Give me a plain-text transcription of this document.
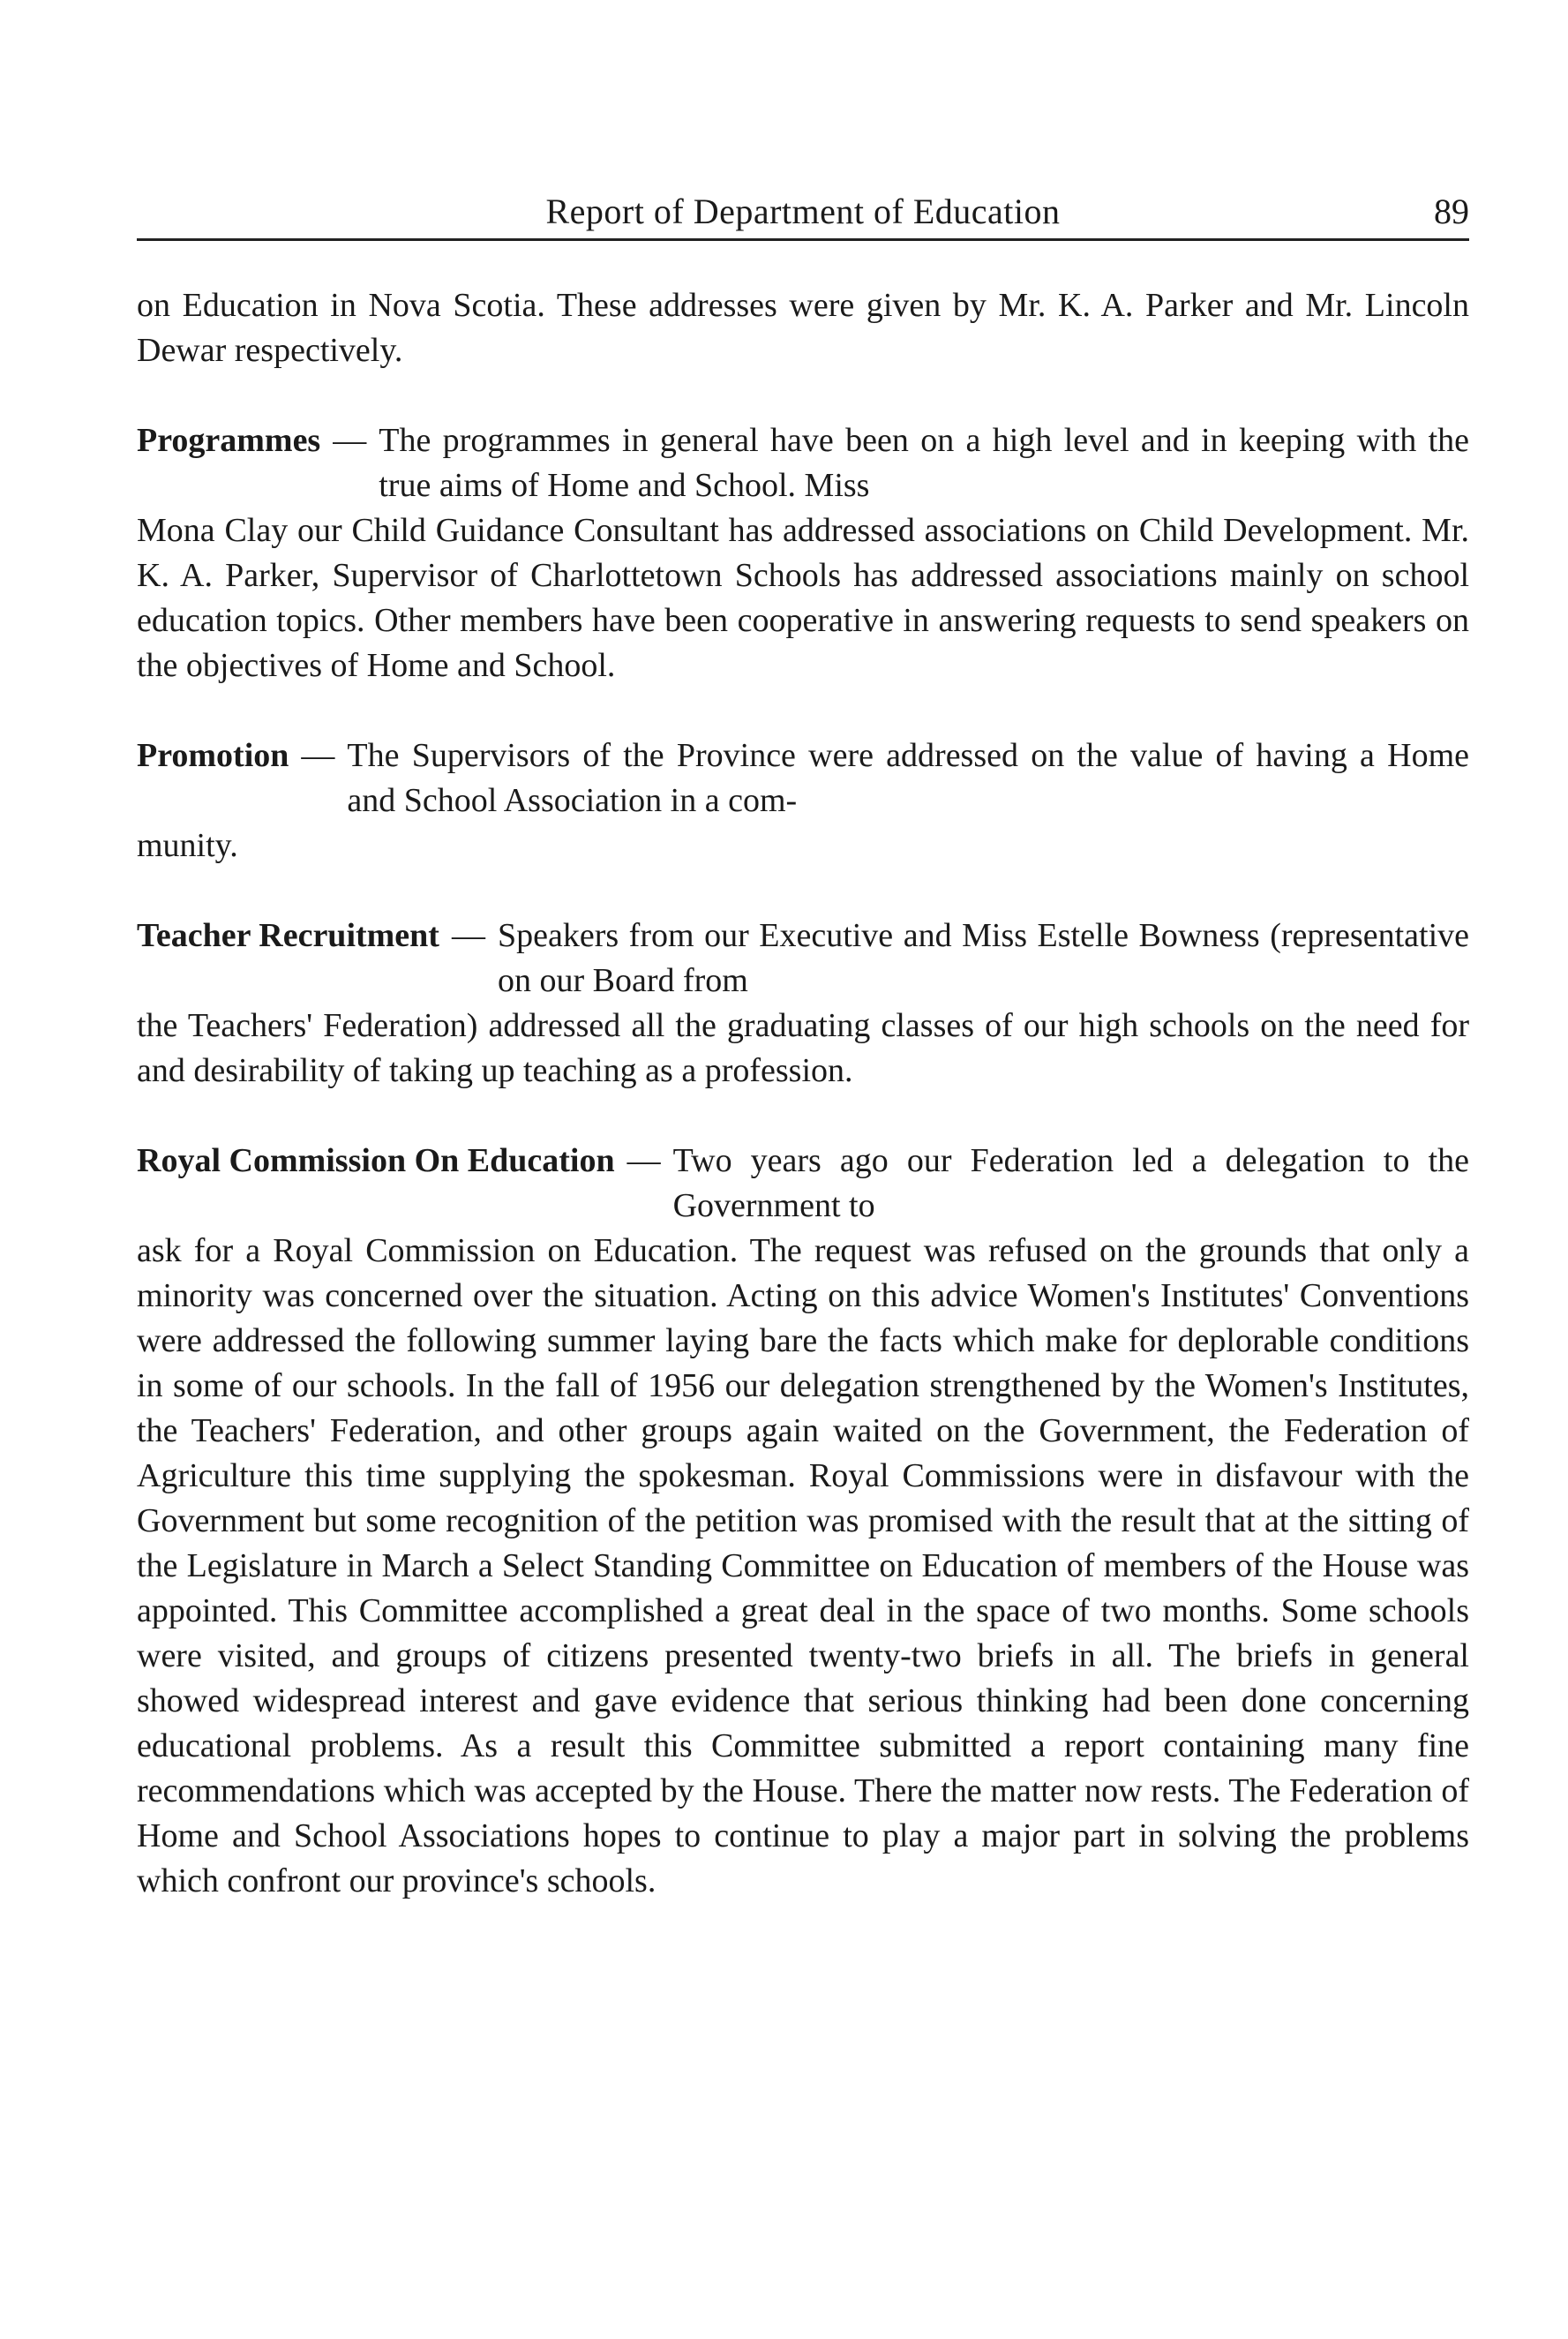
Report of Department of Education	89

on Education in Nova Scotia. These addresses were given by Mr. K. A. Parker and Mr. Lincoln Dewar respectively.

Programmes — The programmes in general have been on a high level and in keeping with the true aims of Home and School. Miss
Mona Clay our Child Guidance Consultant has addressed associations on Child Development. Mr. K. A. Parker, Supervisor of Charlottetown Schools has addressed associations mainly on school education topics. Other members have been cooperative in answering requests to send speakers on the objectives of Home and School.
Promotion — The Supervisors of the Province were addressed on the value of having a Home and School Association in a com-
munity.
Teacher Recruitment — Speakers from our Executive and Miss Estelle Bowness (representative on our Board from
the Teachers' Federation) addressed all the graduating classes of our high schools on the need for and desirability of taking up teaching as a profession.
Royal Commission On Education — Two years ago our Federation led a delegation to the Government to
ask for a Royal Commission on Education. The request was refused on the grounds that only a minority was concerned over the situation. Acting on this advice Women's Institutes' Conventions were addressed the following summer laying bare the facts which make for deplorable conditions in some of our schools. In the fall of 1956 our delegation strengthened by the Women's Institutes, the Teachers' Federation, and other groups again waited on the Government, the Federation of Agriculture this time supplying the spokesman. Royal Commissions were in disfavour with the Government but some recognition of the petition was promised with the result that at the sitting of the Legislature in March a Select Standing Committee on Education of members of the House was appointed. This Committee accomplished a great deal in the space of two months. Some schools were visited, and groups of citizens presented twenty-two briefs in all. The briefs in general showed widespread interest and gave evidence that serious thinking had been done concerning educational problems. As a result this Committee submitted a report containing many fine recommendations which was accepted by the House. There the matter now rests. The Federation of Home and School Associations hopes to continue to play a major part in solving the problems which confront our province's schools.
